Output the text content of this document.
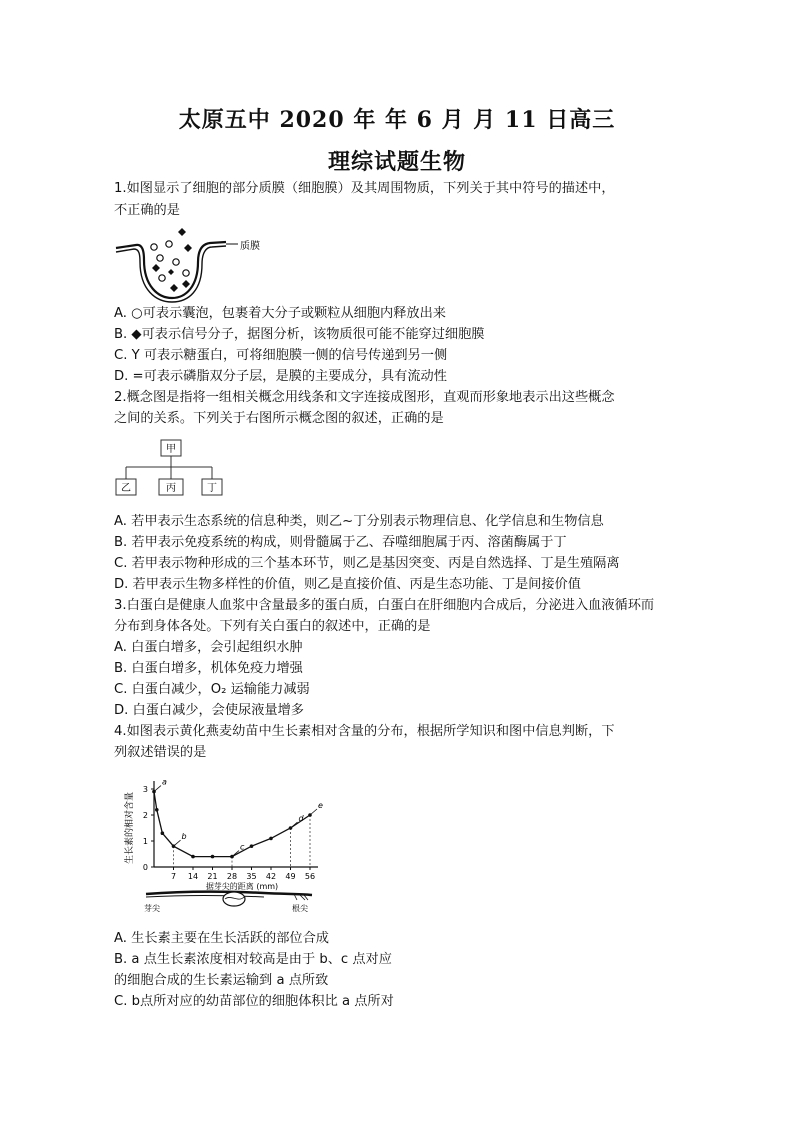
太原五中 2020 年 年 6 月 月 11 日高三
理综试题生物
1.如图显示了细胞的部分质膜（细胞膜）及其周围物质，下列关于其中符号的描述中，
不正确的是
质膜
A. ○可表示囊泡，包裹着大分子或颗粒从细胞内释放出来
B. ◆可表示信号分子，据图分析，该物质很可能不能穿过细胞膜
C. Y 可表示糖蛋白，可将细胞膜一侧的信号传递到另一侧
D. =可表示磷脂双分子层，是膜的主要成分，具有流动性
2.概念图是指将一组相关概念用线条和文字连接成图形，直观而形象地表示出这些概念
之间的关系。下列关于右图所示概念图的叙述，正确的是
甲
乙	丙	丁
A. 若甲表示生态系统的信息种类，则乙~丁分别表示物理信息、化学信息和生物信息
B. 若甲表示免疫系统的构成，则骨髓属于乙、吞噬细胞属于丙、溶菌酶属于丁
C. 若甲表示物种形成的三个基本环节，则乙是基因突变、丙是自然选择、丁是生殖隔离
D. 若甲表示生物多样性的价值，则乙是直接价值、丙是生态功能、丁是间接价值
3.白蛋白是健康人血浆中含量最多的蛋白质，白蛋白在肝细胞内合成后，分泌进入血液循环而
分布到身体各处。下列有关白蛋白的叙述中，正确的是
A. 白蛋白增多，会引起组织水肿
B. 白蛋白增多，机体免疫力增强
C. 白蛋白减少，O₂ 运输能力减弱
D. 白蛋白减少，会使尿液量增多
4.如图表示黄化燕麦幼苗中生长素相对含量的分布，根据所学知识和图中信息判断，下
列叙述错误的是
0
1
2
3
7 14 21 28 35 42 49 56
a
b
c
d
e
生长素的相对含量
据芽尖的距离 (mm)
芽尖	根尖
A. 生长素主要在生长活跃的部位合成
B. a 点生长素浓度相对较高是由于 b、c 点对应
的细胞合成的生长素运输到 a 点所致
C. b点所对应的幼苗部位的细胞体积比 a 点所对
